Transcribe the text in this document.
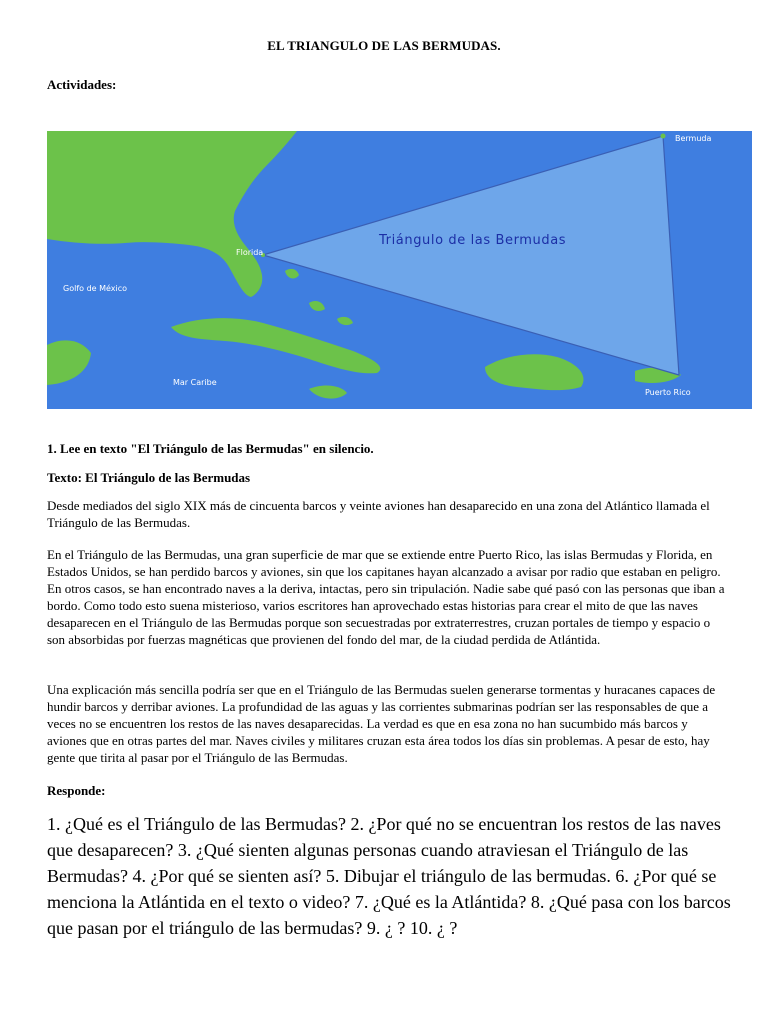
EL TRIANGULO DE LAS BERMUDAS.
Actividades:
Bermuda
Florida
Golfo de México
Mar Caribe
Puerto Rico
Triángulo de las Bermudas

1. Lee en texto "El Triángulo de las Bermudas" en silencio.

Texto: El Triángulo de las Bermudas

Desde mediados del siglo XIX más de cincuenta barcos y veinte aviones han desaparecido en una zona del Atlántico llamada el Triángulo de las Bermudas.

En el Triángulo de las Bermudas, una gran superficie de mar que se extiende entre Puerto Rico, las islas Bermudas y Florida, en Estados Unidos, se han perdido barcos y aviones, sin que los capitanes hayan alcanzado a avisar por radio que estaban en peligro. En otros casos, se han encontrado naves a la deriva, intactas, pero sin tripulación. Nadie sabe qué pasó con las personas que iban a bordo. Como todo esto suena misterioso, varios escritores han aprovechado estas historias para crear el mito de que las naves desaparecen en el Triángulo de las Bermudas porque son secuestradas por extraterrestres, cruzan portales de tiempo y espacio o son absorbidas por fuerzas magnéticas que provienen del fondo del mar, de la ciudad perdida de Atlántida.

Una explicación más sencilla podría ser que en el Triángulo de las Bermudas suelen generarse tormentas y huracanes capaces de hundir barcos y derribar aviones. La profundidad de las aguas y las corrientes submarinas podrían ser las responsables de que a veces no se encuentren los restos de las naves desaparecidas. La verdad es que en esa zona no han sucumbido más barcos y aviones que en otras partes del mar. Naves civiles y militares cruzan esta área todos los días sin problemas. A pesar de esto, hay gente que tirita al pasar por el Triángulo de las Bermudas.

Responde:

1. ¿Qué es el Triángulo de las Bermudas? 2. ¿Por qué no se encuentran los restos de las naves que desaparecen? 3. ¿Qué sienten algunas personas cuando atraviesan el Triángulo de las Bermudas? 4. ¿Por qué se sienten así? 5. Dibujar el triángulo de las bermudas. 6. ¿Por qué se menciona la Atlántida en el texto o video? 7. ¿Qué es la Atlántida? 8. ¿Qué pasa con los barcos que pasan por el triángulo de las bermudas? 9. ¿ ? 10. ¿ ?
